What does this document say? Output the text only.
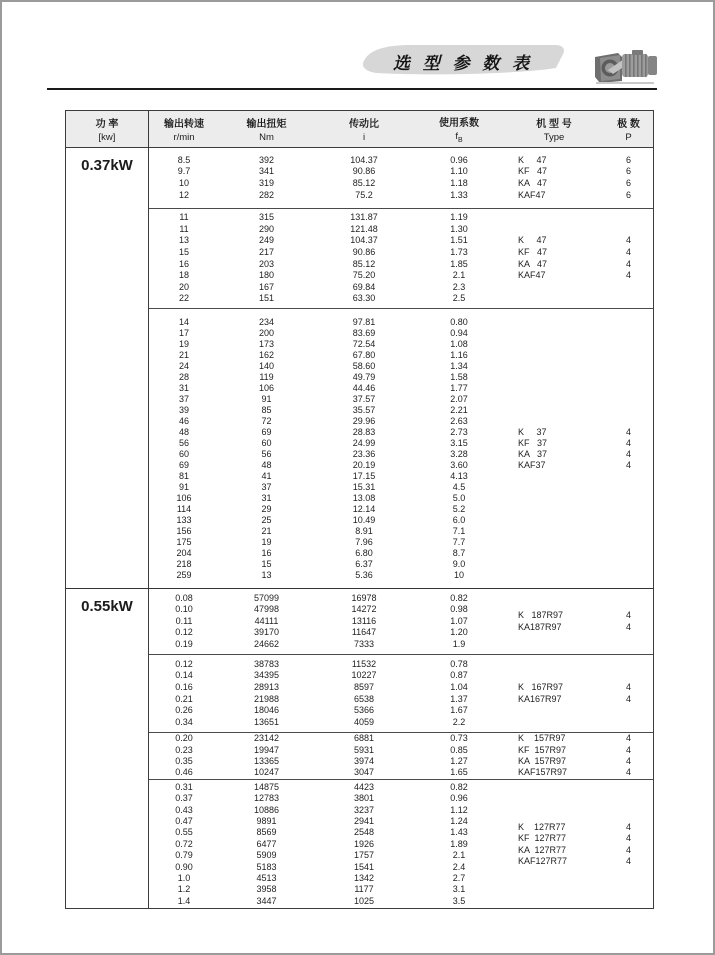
选 型 参 数 表
功 率
[kw]
输出转速
r/min
输出扭矩
Nm
传动比
i
使用系数
$f_B$
机 型 号
Type
极 数
P
0.37kW	8.5
9.7
10
12
392
341
319
282
104.37
90.86
85.12
75.2
0.96
1.10
1.18
1.33
K     47
KF   47
KA   47
KAF47
6
6
6
6
11
11
13
15
16
18
20
22
315
290
249
217
203
180
167
151
131.87
121.48
104.37
90.86
85.12
75.20
69.84
63.30
1.19
1.30
1.51
1.73
1.85
2.1
2.3
2.5
K     47
KF   47
KA   47
KAF47
4
4
4
4
14
17
19
21
24
28
31
37
39
46
48
56
60
69
81
91
106
114
133
156
175
204
218
259
234
200
173
162
140
119
106
91
85
72
69
60
56
48
41
37
31
29
25
21
19
16
15
13
97.81
83.69
72.54
67.80
58.60
49.79
44.46
37.57
35.57
29.96
28.83
24.99
23.36
20.19
17.15
15.31
13.08
12.14
10.49
8.91
7.96
6.80
6.37
5.36
0.80
0.94
1.08
1.16
1.34
1.58
1.77
2.07
2.21
2.63
2.73
3.15
3.28
3.60
4.13
4.5
5.0
5.2
6.0
7.1
7.7
8.7
9.0
10
K     37
KF   37
KA   37
KAF37
4
4
4
4
0.55kW
0.08
0.10
0.11
0.12
0.19
57099
47998
44111
39170
24662
16978
14272
13116
11647
7333
0.82
0.98
1.07
1.20
1.9
K   187R97
KA187R97
4
4
0.12
0.14
0.16
0.21
0.26
0.34
38783
34395
28913
21988
18046
13651
11532
10227
8597
6538
5366
4059
0.78
0.87
1.04
1.37
1.67
2.2
K   167R97
KA167R97
4
4
0.20
0.23
0.35
0.46
23142
19947
13365
10247
6881
5931
3974
3047
0.73
0.85
1.27
1.65
K    157R97
KF  157R97
KA  157R97
KAF157R97
4
4
4
4
0.31
0.37
0.43
0.47
0.55
0.72
0.79
0.90
1.0
1.2
1.4
14875
12783
10886
9891
8569
6477
5909
5183
4513
3958
3447
4423
3801
3237
2941
2548
1926
1757
1541
1342
1177
1025
0.82
0.96
1.12
1.24
1.43
1.89
2.1
2.4
2.7
3.1
3.5
K    127R77
KF  127R77
KA  127R77
KAF127R77
4
4
4
4
